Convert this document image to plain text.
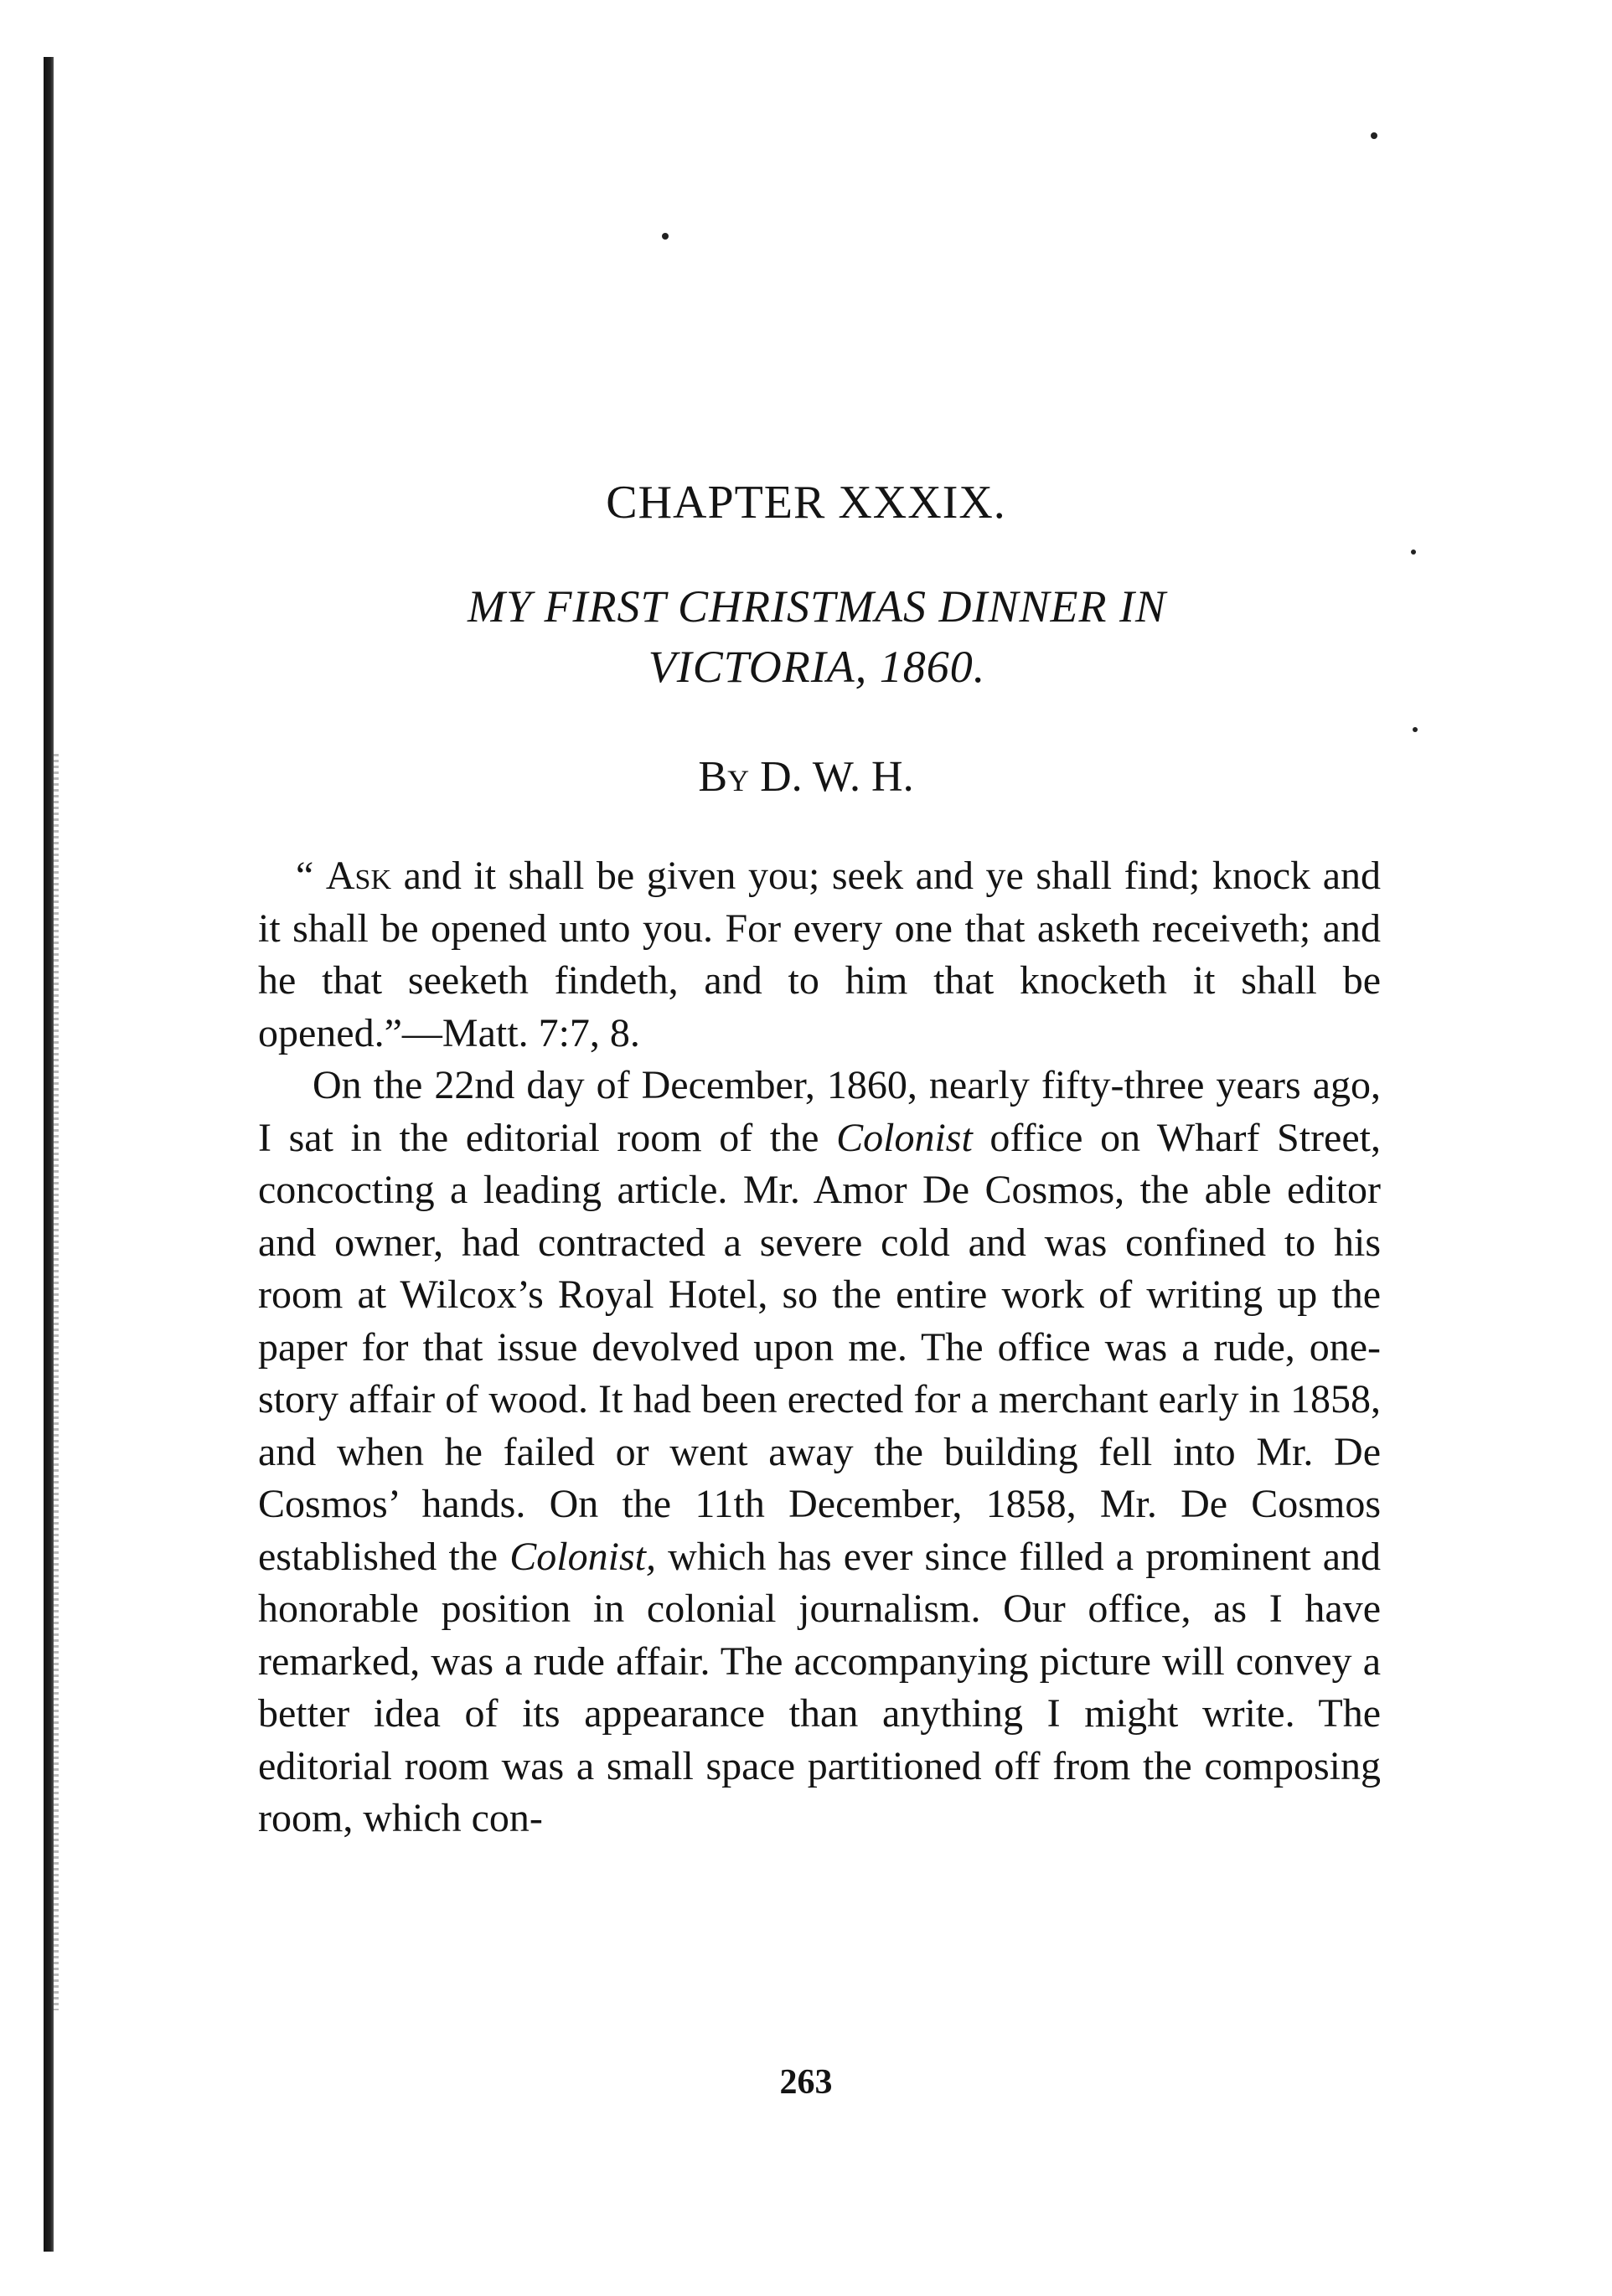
CHAPTER XXXIX.
MY FIRST CHRISTMAS DINNER IN
VICTORIA, 1860.
By D. W. H.

“ Ask and it shall be given you; seek and ye shall find; knock and it shall be opened unto you. For every one that asketh receiveth; and he that seeketh findeth, and to him that knocketh it shall be opened.”—Matt. 7:7, 8.

On the 22nd day of December, 1860, nearly fifty-three years ago, I sat in the editorial room of the Colonist office on Wharf Street, concocting a leading article. Mr. Amor De Cosmos, the able editor and owner, had contracted a severe cold and was confined to his room at Wilcox’s Royal Hotel, so the entire work of writing up the paper for that issue devolved upon me. The office was a rude, one-story affair of wood. It had been erected for a merchant early in 1858, and when he failed or went away the building fell into Mr. De Cosmos’ hands. On the 11th December, 1858, Mr. De Cosmos established the Colonist, which has ever since filled a prominent and honorable position in colonial journalism. Our office, as I have remarked, was a rude affair. The accompanying picture will convey a better idea of its appearance than anything I might write. The editorial room was a small space partitioned off from the composing room, which con-

263
